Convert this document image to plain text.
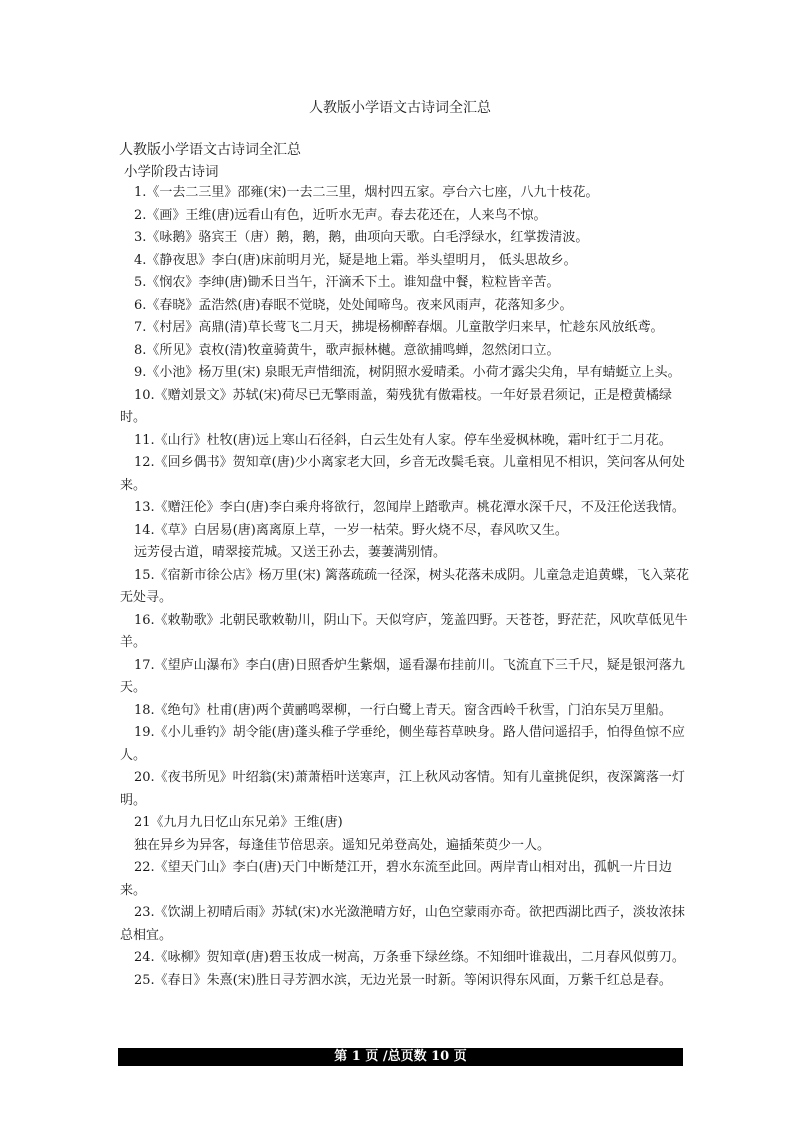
人教版小学语文古诗词全汇总
人教版小学语文古诗词全汇总
小学阶段古诗词

1.《一去二三里》邵雍(宋)一去二三里，烟村四五家。亭台六七座，八九十枝花。

2.《画》王维(唐)远看山有色，近听水无声。春去花还在，人来鸟不惊。

3.《咏鹅》骆宾王（唐）鹅，鹅，鹅，曲项向天歌。白毛浮绿水，红掌拨清波。

4.《静夜思》李白(唐)床前明月光，疑是地上霜。举头望明月， 低头思故乡。

5.《悯农》李绅(唐)锄禾日当午，汗滴禾下土。谁知盘中餐，粒粒皆辛苦。

6.《春晓》孟浩然(唐)春眠不觉晓，处处闻啼鸟。夜来风雨声，花落知多少。

7.《村居》高鼎(清)草长莺飞二月天，拂堤杨柳醉春烟。儿童散学归来早，忙趁东风放纸鸢。

8.《所见》袁枚(清)牧童骑黄牛，歌声振林樾。意欲捕鸣蝉，忽然闭口立。

9.《小池》杨万里(宋) 泉眼无声惜细流，树阴照水爱晴柔。小荷才露尖尖角，早有蜻蜓立上头。

10.《赠刘景文》苏轼(宋)荷尽已无擎雨盖，菊残犹有傲霜枝。一年好景君须记，正是橙黄橘绿时。

11.《山行》杜牧(唐)远上寒山石径斜，白云生处有人家。停车坐爱枫林晚，霜叶红于二月花。

12.《回乡偶书》贺知章(唐)少小离家老大回，乡音无改鬓毛衰。儿童相见不相识，笑问客从何处来。

13.《赠汪伦》李白(唐)李白乘舟将欲行，忽闻岸上踏歌声。桃花潭水深千尺，不及汪伦送我情。

14.《草》白居易(唐)离离原上草，一岁一枯荣。野火烧不尽，春风吹又生。

远芳侵古道，晴翠接荒城。又送王孙去，萋萋满别情。

15.《宿新市徐公店》杨万里(宋) 篱落疏疏一径深，树头花落未成阴。儿童急走追黄蝶，飞入菜花无处寻。

16.《敕勒歌》北朝民歌敕勒川，阴山下。天似穹庐，笼盖四野。天苍苍，野茫茫，风吹草低见牛羊。

17.《望庐山瀑布》李白(唐)日照香炉生紫烟，遥看瀑布挂前川。飞流直下三千尺，疑是银河落九天。

18.《绝句》杜甫(唐)两个黄鹂鸣翠柳，一行白鹭上青天。窗含西岭千秋雪，门泊东吴万里船。

19.《小儿垂钓》胡令能(唐)蓬头稚子学垂纶，侧坐莓苔草映身。路人借问遥招手，怕得鱼惊不应人。

20.《夜书所见》叶绍翁(宋)萧萧梧叶送寒声，江上秋风动客情。知有儿童挑促织，夜深篱落一灯明。

21《九月九日忆山东兄弟》王维(唐)

独在异乡为异客，每逢佳节倍思亲。遥知兄弟登高处，遍插茱萸少一人。

22.《望天门山》李白(唐)天门中断楚江开，碧水东流至此回。两岸青山相对出，孤帆一片日边来。

23.《饮湖上初晴后雨》苏轼(宋)水光潋滟晴方好，山色空蒙雨亦奇。欲把西湖比西子，淡妆浓抹总相宜。

24.《咏柳》贺知章(唐)碧玉妆成一树高，万条垂下绿丝绦。不知细叶谁裁出，二月春风似剪刀。

25.《春日》朱熹(宋)胜日寻芳泗水滨，无边光景一时新。等闲识得东风面，万紫千红总是春。

第 1 页 /总页数 10 页
